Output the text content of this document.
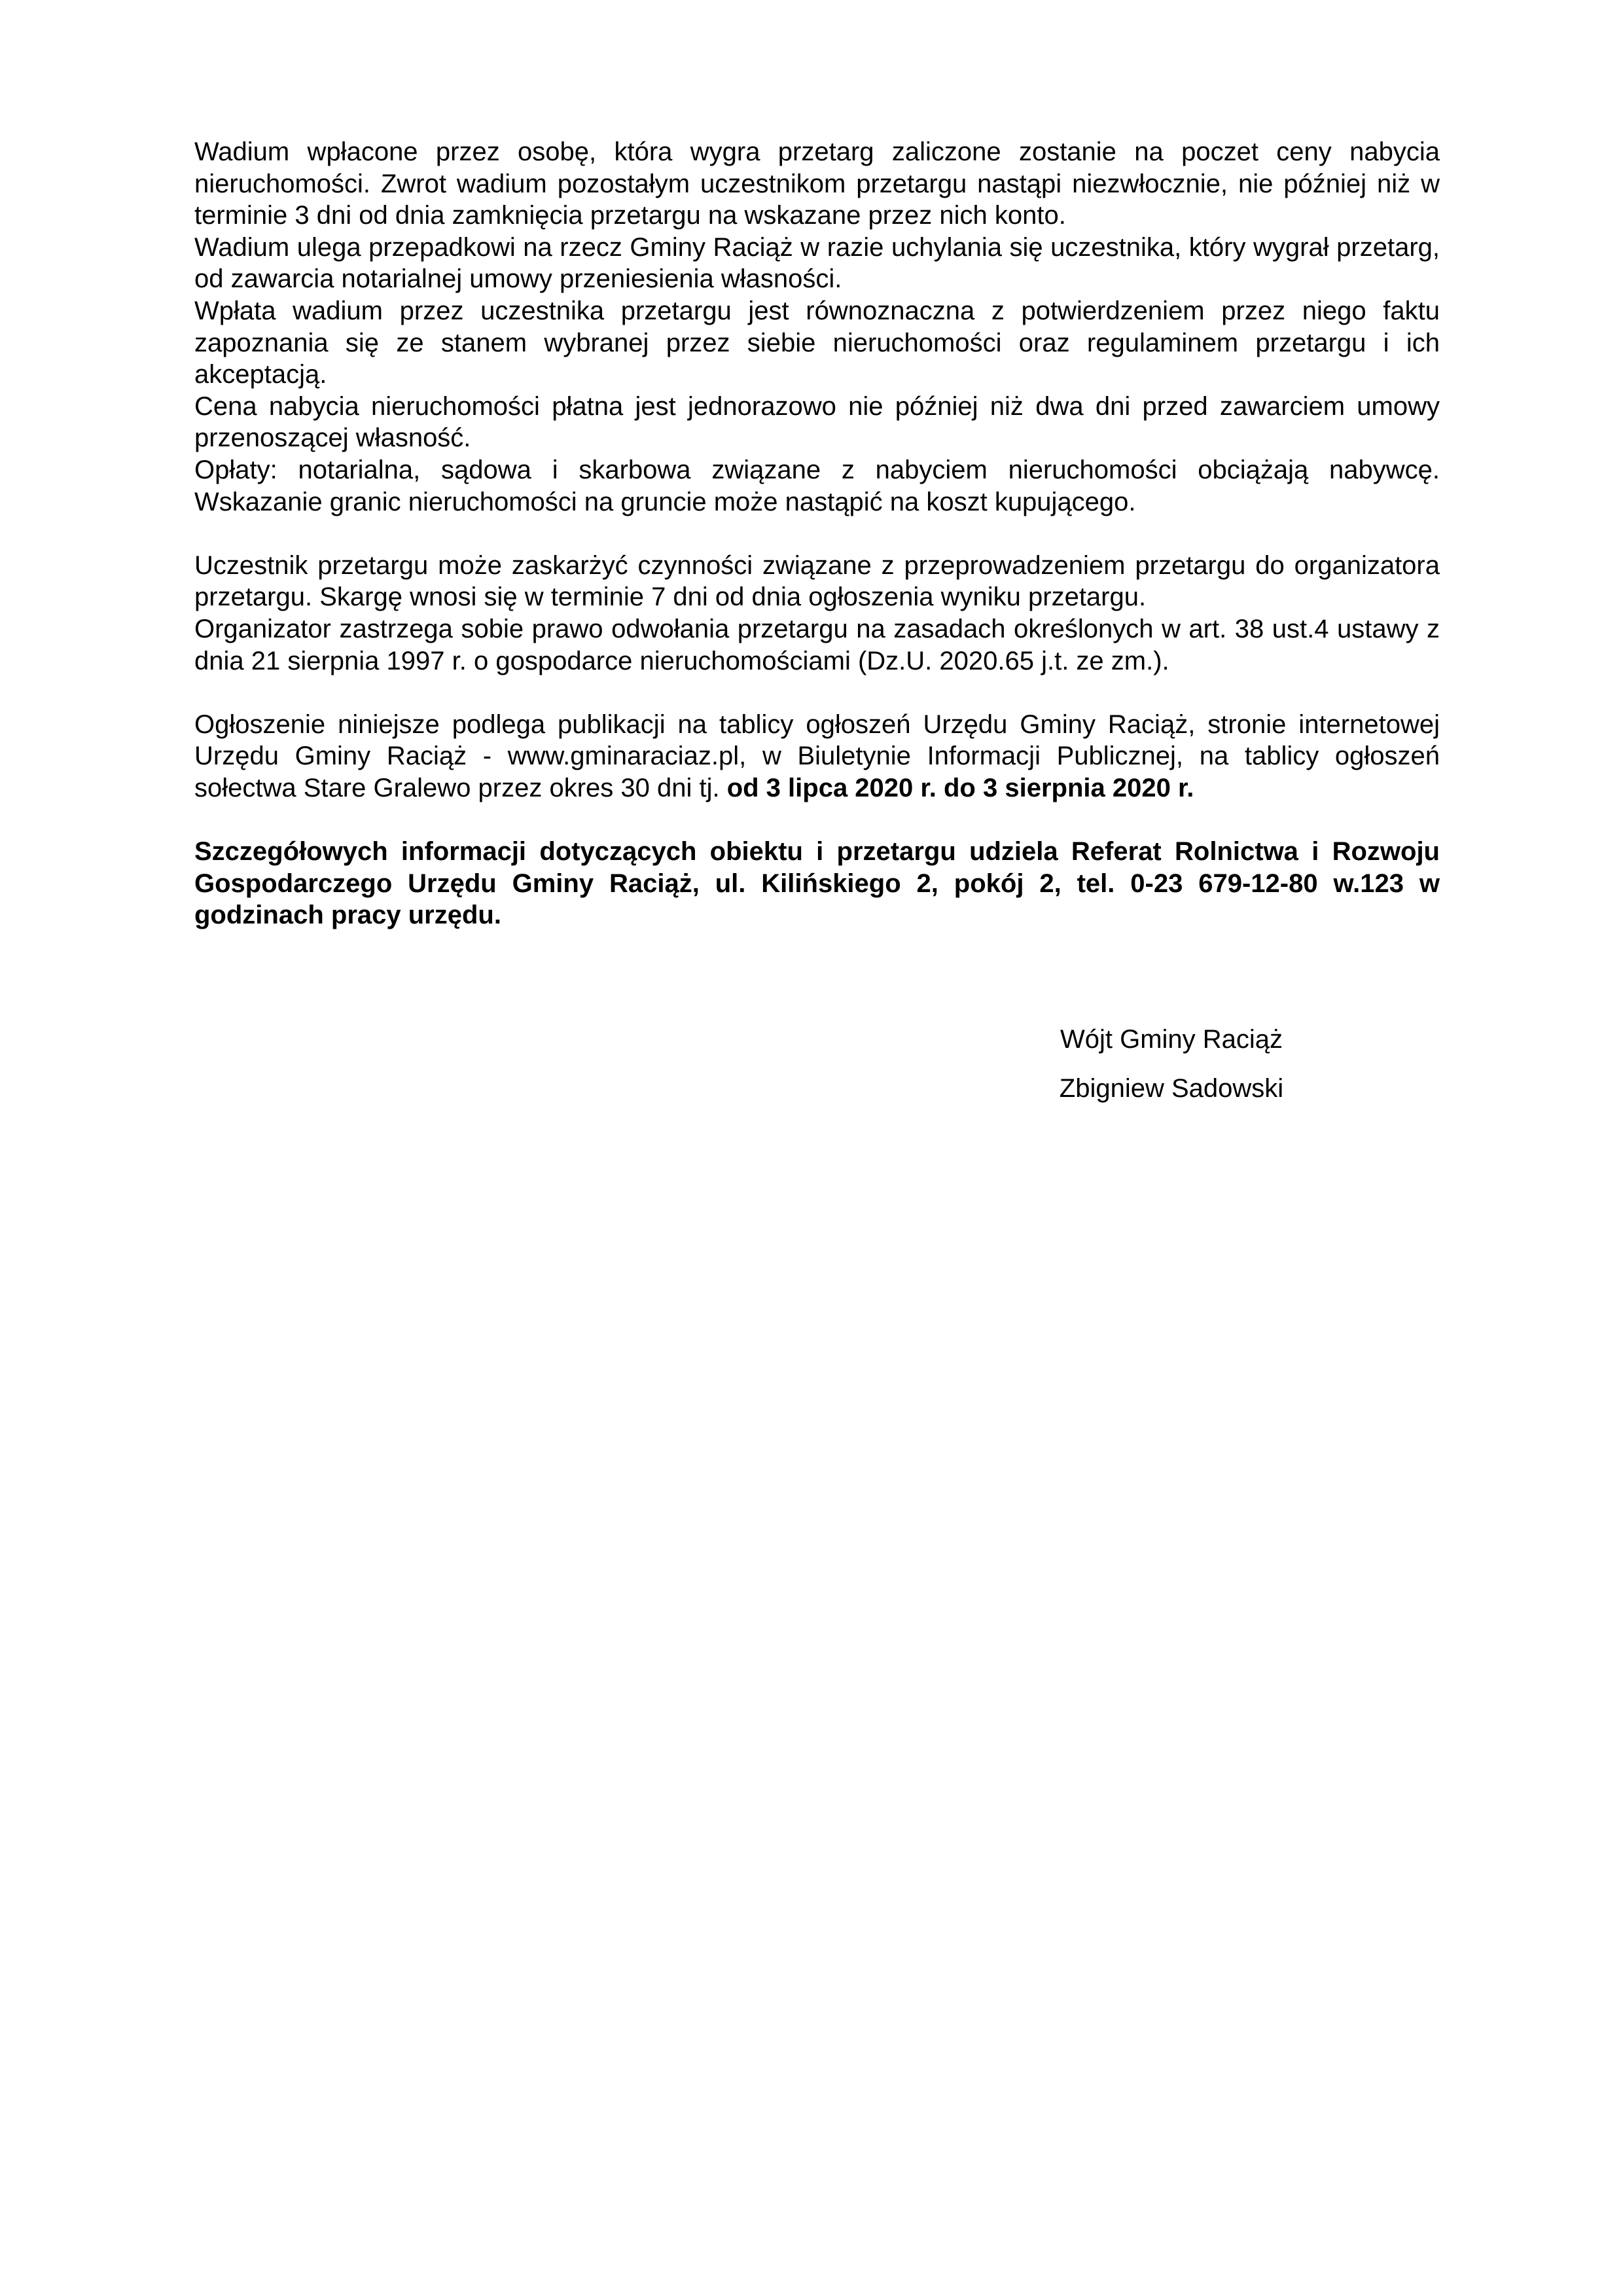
Wadium wpłacone przez osobę, która wygra przetarg zaliczone zostanie na poczet ceny nabycia nieruchomości. Zwrot wadium pozostałym uczestnikom przetargu nastąpi niezwłocznie, nie później niż w terminie 3 dni od dnia zamknięcia przetargu na wskazane przez nich konto.

Wadium ulega przepadkowi na rzecz Gminy Raciąż w razie uchylania się uczestnika, który wygrał przetarg, od zawarcia notarialnej umowy przeniesienia własności.

Wpłata wadium przez uczestnika przetargu jest równoznaczna z potwierdzeniem przez niego faktu zapoznania się ze stanem wybranej przez siebie nieruchomości oraz regulaminem przetargu i ich akceptacją.

Cena nabycia nieruchomości płatna jest jednorazowo nie później niż dwa dni przed zawarciem umowy przenoszącej własność.

Opłaty: notarialna, sądowa i skarbowa związane z nabyciem nieruchomości obciążają nabywcę. Wskazanie granic nieruchomości na gruncie może nastąpić na koszt kupującego.

Uczestnik przetargu może zaskarżyć czynności związane z przeprowadzeniem przetargu do organizatora przetargu. Skargę wnosi się w terminie 7 dni od dnia ogłoszenia wyniku przetargu.

Organizator zastrzega sobie prawo odwołania przetargu na zasadach określonych w art. 38 ust.4 ustawy z dnia 21 sierpnia 1997 r. o gospodarce nieruchomościami (Dz.U. 2020.65 j.t. ze zm.).

Ogłoszenie niniejsze podlega publikacji na tablicy ogłoszeń Urzędu Gminy Raciąż, stronie internetowej Urzędu Gminy Raciąż - www.gminaraciaz.pl, w Biuletynie Informacji Publicznej, na tablicy ogłoszeń sołectwa Stare Gralewo przez okres 30 dni tj. od 3 lipca 2020 r. do 3 sierpnia 2020 r.

Szczegółowych informacji dotyczących obiektu i przetargu udziela Referat Rolnictwa i Rozwoju Gospodarczego Urzędu Gminy Raciąż, ul. Kilińskiego 2, pokój 2, tel. 0-23 679-12-80 w.123 w godzinach pracy urzędu.

Wójt Gminy Raciąż

Zbigniew Sadowski
